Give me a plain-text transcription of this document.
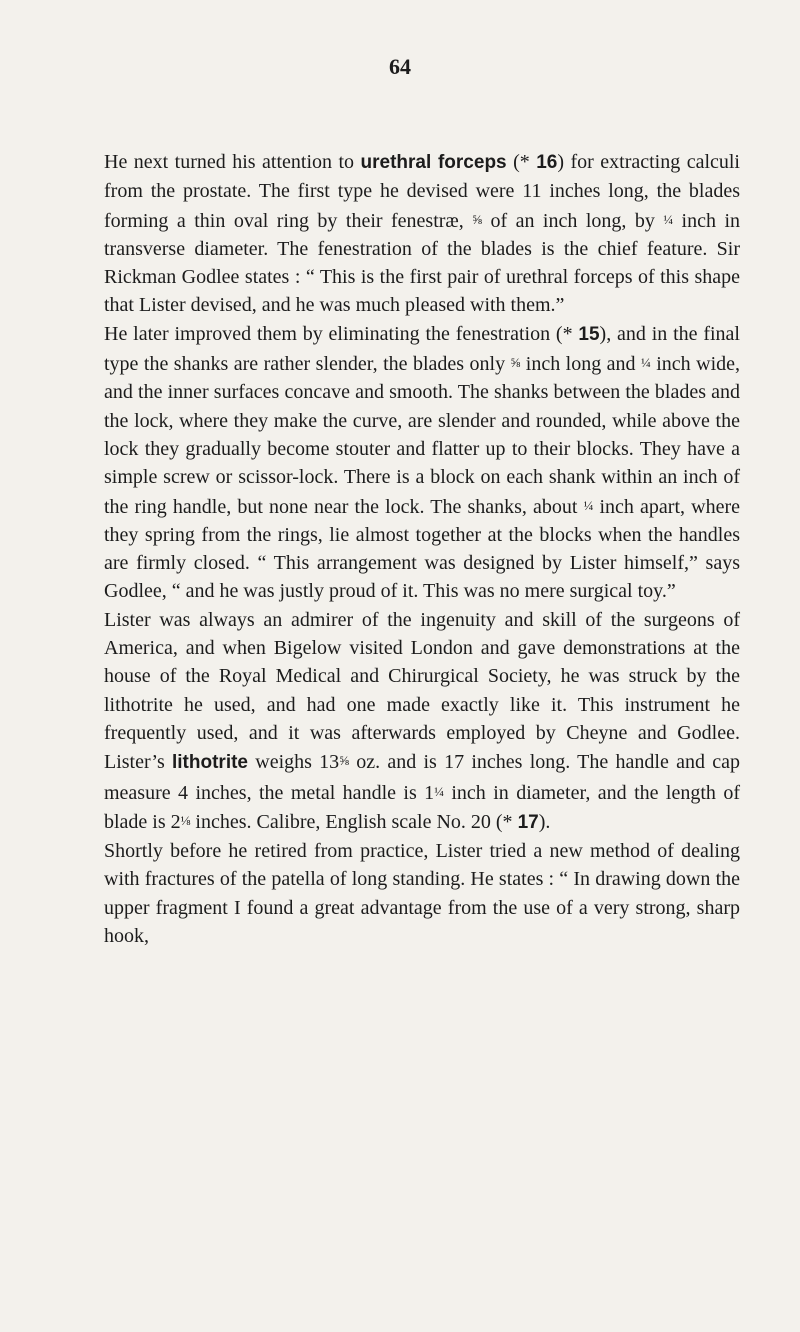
64

He next turned his attention to urethral forceps (* 16) for extracting calculi from the prostate. The first type he devised were 11 inches long, the blades forming a thin oval ring by their fenestræ, ⅝ of an inch long, by ¼ inch in transverse diameter. The fenestration of the blades is the chief feature. Sir Rickman Godlee states : “ This is the first pair of urethral forceps of this shape that Lister devised, and he was much pleased with them.”

He later improved them by eliminating the fenestration (* 15), and in the final type the shanks are rather slender, the blades only ⅝ inch long and ¼ inch wide, and the inner surfaces concave and smooth. The shanks between the blades and the lock, where they make the curve, are slender and rounded, while above the lock they gradually become stouter and flatter up to their blocks. They have a simple screw or scissor-lock. There is a block on each shank within an inch of the ring handle, but none near the lock. The shanks, about ¼ inch apart, where they spring from the rings, lie almost together at the blocks when the handles are firmly closed. “ This arrangement was designed by Lister himself,” says Godlee, “ and he was justly proud of it. This was no mere surgical toy.”

Lister was always an admirer of the ingenuity and skill of the surgeons of America, and when Bigelow visited London and gave demonstrations at the house of the Royal Medical and Chirurgical Society, he was struck by the lithotrite he used, and had one made exactly like it. This instrument he frequently used, and it was afterwards employed by Cheyne and Godlee. Lister’s lithotrite weighs 13⅝ oz. and is 17 inches long. The handle and cap measure 4 inches, the metal handle is 1¼ inch in diameter, and the length of blade is 2⅛ inches. Calibre, English scale No. 20 (* 17).

Shortly before he retired from practice, Lister tried a new method of dealing with fractures of the patella of long standing. He states : “ In drawing down the upper fragment I found a great advantage from the use of a very strong, sharp hook,
